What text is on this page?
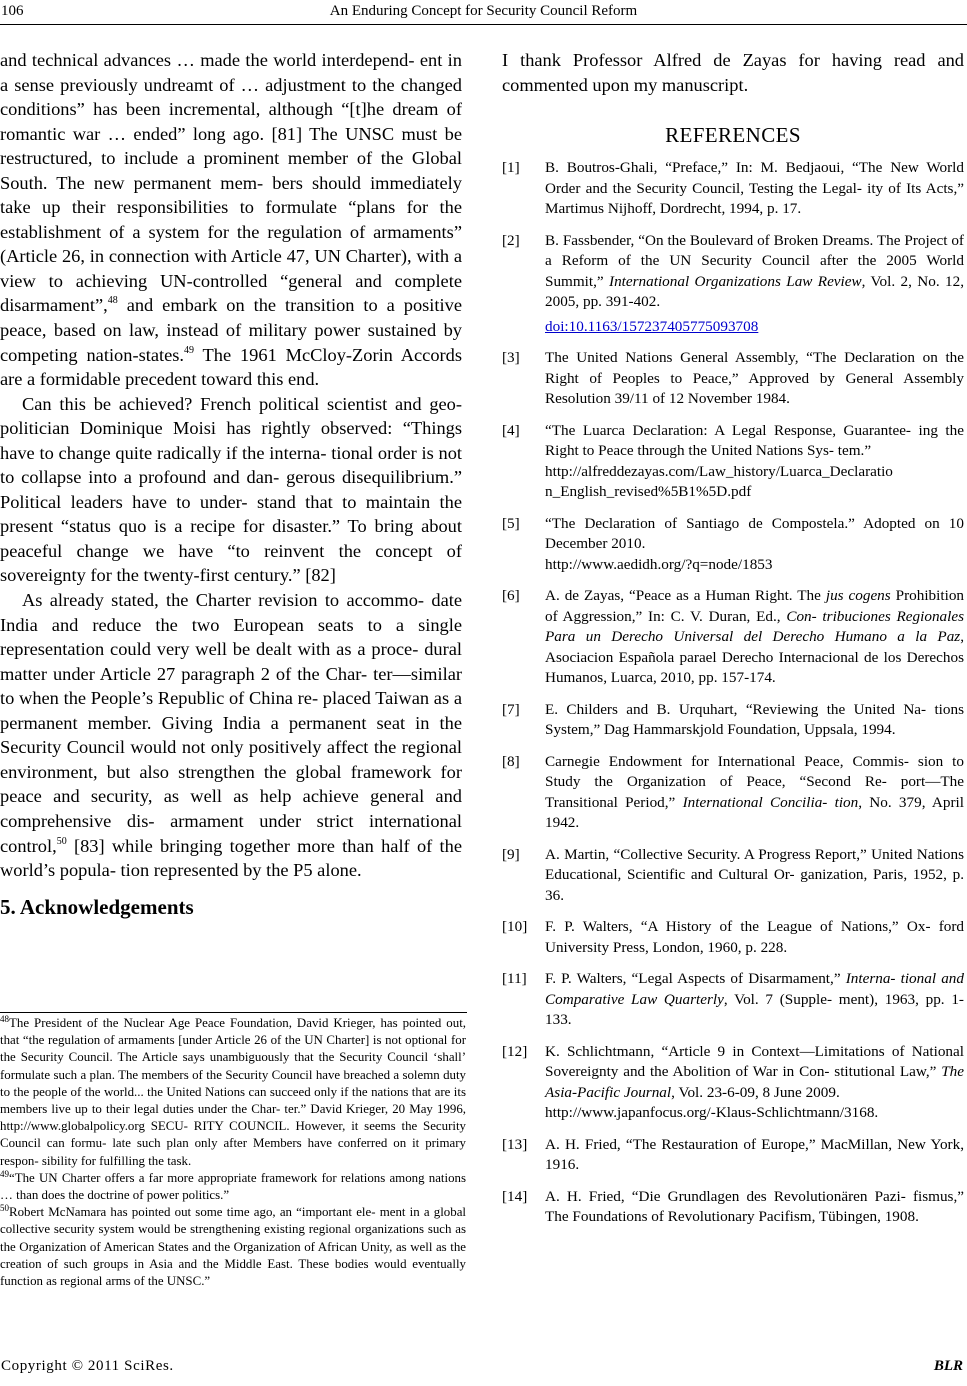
106	An Enduring Concept for Security Council Reform

and technical advances … made the world interdepend- ent in a sense previously undreamt of … adjustment to the changed conditions” has been incremental, although “[t]he dream of romantic war … ended” long ago. [81] The UNSC must be restructured, to include a prominent member of the Global South. The new permanent mem- bers should immediately take up their responsibilities to formulate “plans for the establishment of a system for the regulation of armaments” (Article 26, in connection with Article 47, UN Charter), with a view to achieving UN-controlled “general and complete disarmament”,$^{48}$ and embark on the transition to a positive peace, based on law, instead of military power sustained by competing nation-states.$^{49}$ The 1961 McCloy-Zorin Accords are a formidable precedent toward this end.

Can this be achieved? French political scientist and geo-politician Dominique Moisi has rightly observed: “Things have to change quite radically if the interna- tional order is not to collapse into a profound and dan- gerous disequilibrium.” Political leaders have to under- stand that to maintain the present “status quo is a recipe for disaster.” To bring about peaceful change we have “to reinvent the concept of sovereignty for the twenty-first century.” [82]

As already stated, the Charter revision to accommo- date India and reduce the two European seats to a single representation could very well be dealt with as a proce- dural matter under Article 27 paragraph 2 of the Char- ter—similar to when the People’s Republic of China re- placed Taiwan as a permanent member. Giving India a permanent seat in the Security Council would not only positively affect the regional environment, but also strengthen the global framework for peace and security, as well as help achieve general and comprehensive dis- armament under strict international control,$^{50}$ [83] while bringing together more than half of the world’s popula- tion represented by the P5 alone.

5. Acknowledgements

$^{48}$The President of the Nuclear Age Peace Foundation, David Krieger, has pointed out, that “the regulation of armaments [under Article 26 of the UN Charter] is not optional for the Security Council. The Article says unambiguously that the Security Council ‘shall’ formulate such a plan. The members of the Security Council have breached a solemn duty to the people of the world... the United Nations can succeed only if the nations that are its members live up to their legal duties under the Char- ter.” David Krieger, 20 May 1996, http://www.globalpolicy.org SECU- RITY COUNCIL. However, it seems the Security Council can formu- late such plan only after Members have conferred on it primary respon- sibility for fulfilling the task.

$^{49}$“The UN Charter offers a far more appropriate framework for relations among nations … than does the doctrine of power politics.”

$^{50}$Robert McNamara has pointed out some time ago, an “important ele- ment in a global collective security system would be strengthening existing regional organizations such as the Organization of American States and the Organization of African Unity, as well as the creation of such groups in Asia and the Middle East. These bodies would eventually function as regional arms of the UNSC.”

I thank Professor Alfred de Zayas for having read and commented upon my manuscript.

REFERENCES
[1]	B. Boutros-Ghali, “Preface,” In: M. Bedjaoui, “The New World Order and the Security Council, Testing the Legal- ity of Its Acts,” Martimus Nijhoff, Dordrecht, 1994, p. 17.
[2]	B. Fassbender, “On the Boulevard of Broken Dreams. The Project of a Reform of the UN Security Council after the 2005 World Summit,” International Organizations Law Review, Vol. 2, No. 12, 2005, pp. 391-402.
doi:10.1163/157237405775093708
[3]	The United Nations General Assembly, “The Declaration on the Right of Peoples to Peace,” Approved by General Assembly Resolution 39/11 of 12 November 1984.
[4]	“The Luarca Declaration: A Legal Response, Guarantee- ing the Right to Peace through the United Nations Sys- tem.”
http://alfreddezayas.com/Law_history/Luarca_Declaratio n_English_revised%5B1%5D.pdf
[5]	“The Declaration of Santiago de Compostela.” Adopted on 10 December 2010.
http://www.aedidh.org/?q=node/1853
[6]	A. de Zayas, “Peace as a Human Right. The jus cogens Prohibition of Aggression,” In: C. V. Duran, Ed., Con- tribuciones Regionales Para un Derecho Universal del Derecho Humano a la Paz, Asociacion Española parael Derecho Internacional de los Derechos Humanos, Luarca, 2010, pp. 157-174.
[7]	E. Childers and B. Urquhart, “Reviewing the United Na- tions System,” Dag Hammarskjold Foundation, Uppsala, 1994.
[8]	Carnegie Endowment for International Peace, Commis- sion to Study the Organization of Peace, “Second Re- port—The Transitional Period,” International Concilia- tion, No. 379, April 1942.
[9]	A. Martin, “Collective Security. A Progress Report,” United Nations Educational, Scientific and Cultural Or- ganization, Paris, 1952, p. 36.
[10]	F. P. Walters, “A History of the League of Nations,” Ox- ford University Press, London, 1960, p. 228.
[11]	F. P. Walters, “Legal Aspects of Disarmament,” Interna- tional and Comparative Law Quarterly, Vol. 7 (Supple- ment), 1963, pp. 1-133.
[12]	K. Schlichtmann, “Article 9 in Context—Limitations of National Sovereignty and the Abolition of War in Con- stitutional Law,” The Asia-Pacific Journal, Vol. 23-6-09, 8 June 2009.
http://www.japanfocus.org/-Klaus-Schlichtmann/3168.
[13]	A. H. Fried, “The Restauration of Europe,” MacMillan, New York, 1916.
[14]	A. H. Fried, “Die Grundlagen des Revolutionären Pazi- fismus,” The Foundations of Revolutionary Pacifism, Tübingen, 1908.
Copyright © 2011 SciRes.	BLR
